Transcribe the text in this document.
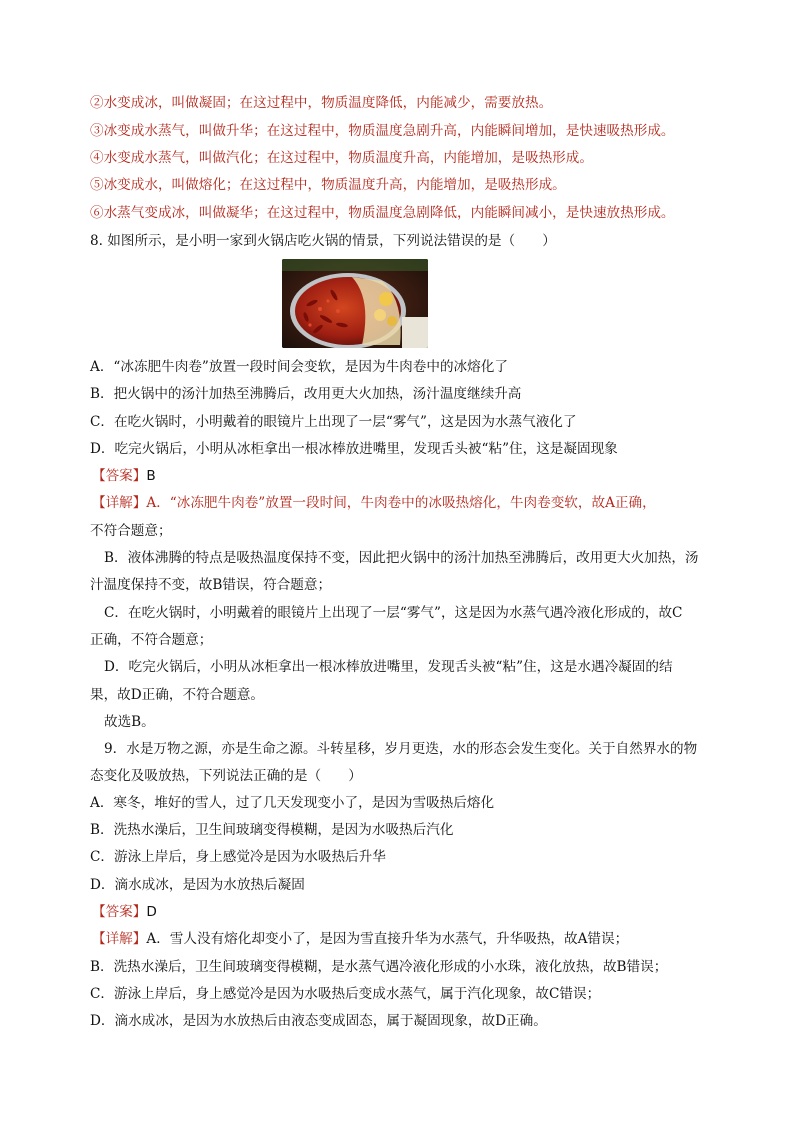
②水变成冰，叫做凝固；在这过程中，物质温度降低，内能减少，需要放热。
③冰变成水蒸气，叫做升华；在这过程中，物质温度急剧升高，内能瞬间增加，是快速吸热形成。
④水变成水蒸气，叫做汽化；在这过程中，物质温度升高，内能增加，是吸热形成。
⑤冰变成水，叫做熔化；在这过程中，物质温度升高，内能增加，是吸热形成。
⑥水蒸气变成冰，叫做凝华；在这过程中，物质温度急剧降低，内能瞬间减小，是快速放热形成。
8. 如图所示，是小明一家到火锅店吃火锅的情景，下列说法错误的是（　　）
A．“冰冻肥牛肉卷”放置一段时间会变软，是因为牛肉卷中的冰熔化了
B．把火锅中的汤汁加热至沸腾后，改用更大火加热，汤汁温度继续升高
C．在吃火锅时，小明戴着的眼镜片上出现了一层“雾气”，这是因为水蒸气液化了
D．吃完火锅后，小明从冰柜拿出一根冰棒放进嘴里，发现舌头被“粘”住，这是凝固现象
【答案】B
【详解】A．“冰冻肥牛肉卷”放置一段时间，牛肉卷中的冰吸热熔化，牛肉卷变软，故A正确，
不符合题意；
B．液体沸腾的特点是吸热温度保持不变，因此把火锅中的汤汁加热至沸腾后，改用更大火加热，汤
汁温度保持不变，故B错误，符合题意；
C．在吃火锅时，小明戴着的眼镜片上出现了一层“雾气”，这是因为水蒸气遇冷液化形成的，故C
正确，不符合题意；
D．吃完火锅后，小明从冰柜拿出一根冰棒放进嘴里，发现舌头被“粘”住，这是水遇冷凝固的结
果，故D正确，不符合题意。
故选B。
9．水是万物之源，亦是生命之源。斗转星移，岁月更迭，水的形态会发生变化。关于自然界水的物
态变化及吸放热，下列说法正确的是（　　）
A．寒冬，堆好的雪人，过了几天发现变小了，是因为雪吸热后熔化
B．洗热水澡后，卫生间玻璃变得模糊，是因为水吸热后汽化
C．游泳上岸后，身上感觉冷是因为水吸热后升华
D．滴水成冰，是因为水放热后凝固
【答案】D
【详解】A．雪人没有熔化却变小了，是因为雪直接升华为水蒸气，升华吸热，故A错误；
B．洗热水澡后，卫生间玻璃变得模糊，是水蒸气遇冷液化形成的小水珠，液化放热，故B错误；
C．游泳上岸后，身上感觉冷是因为水吸热后变成水蒸气，属于汽化现象，故C错误；
D．滴水成冰，是因为水放热后由液态变成固态，属于凝固现象，故D正确。
